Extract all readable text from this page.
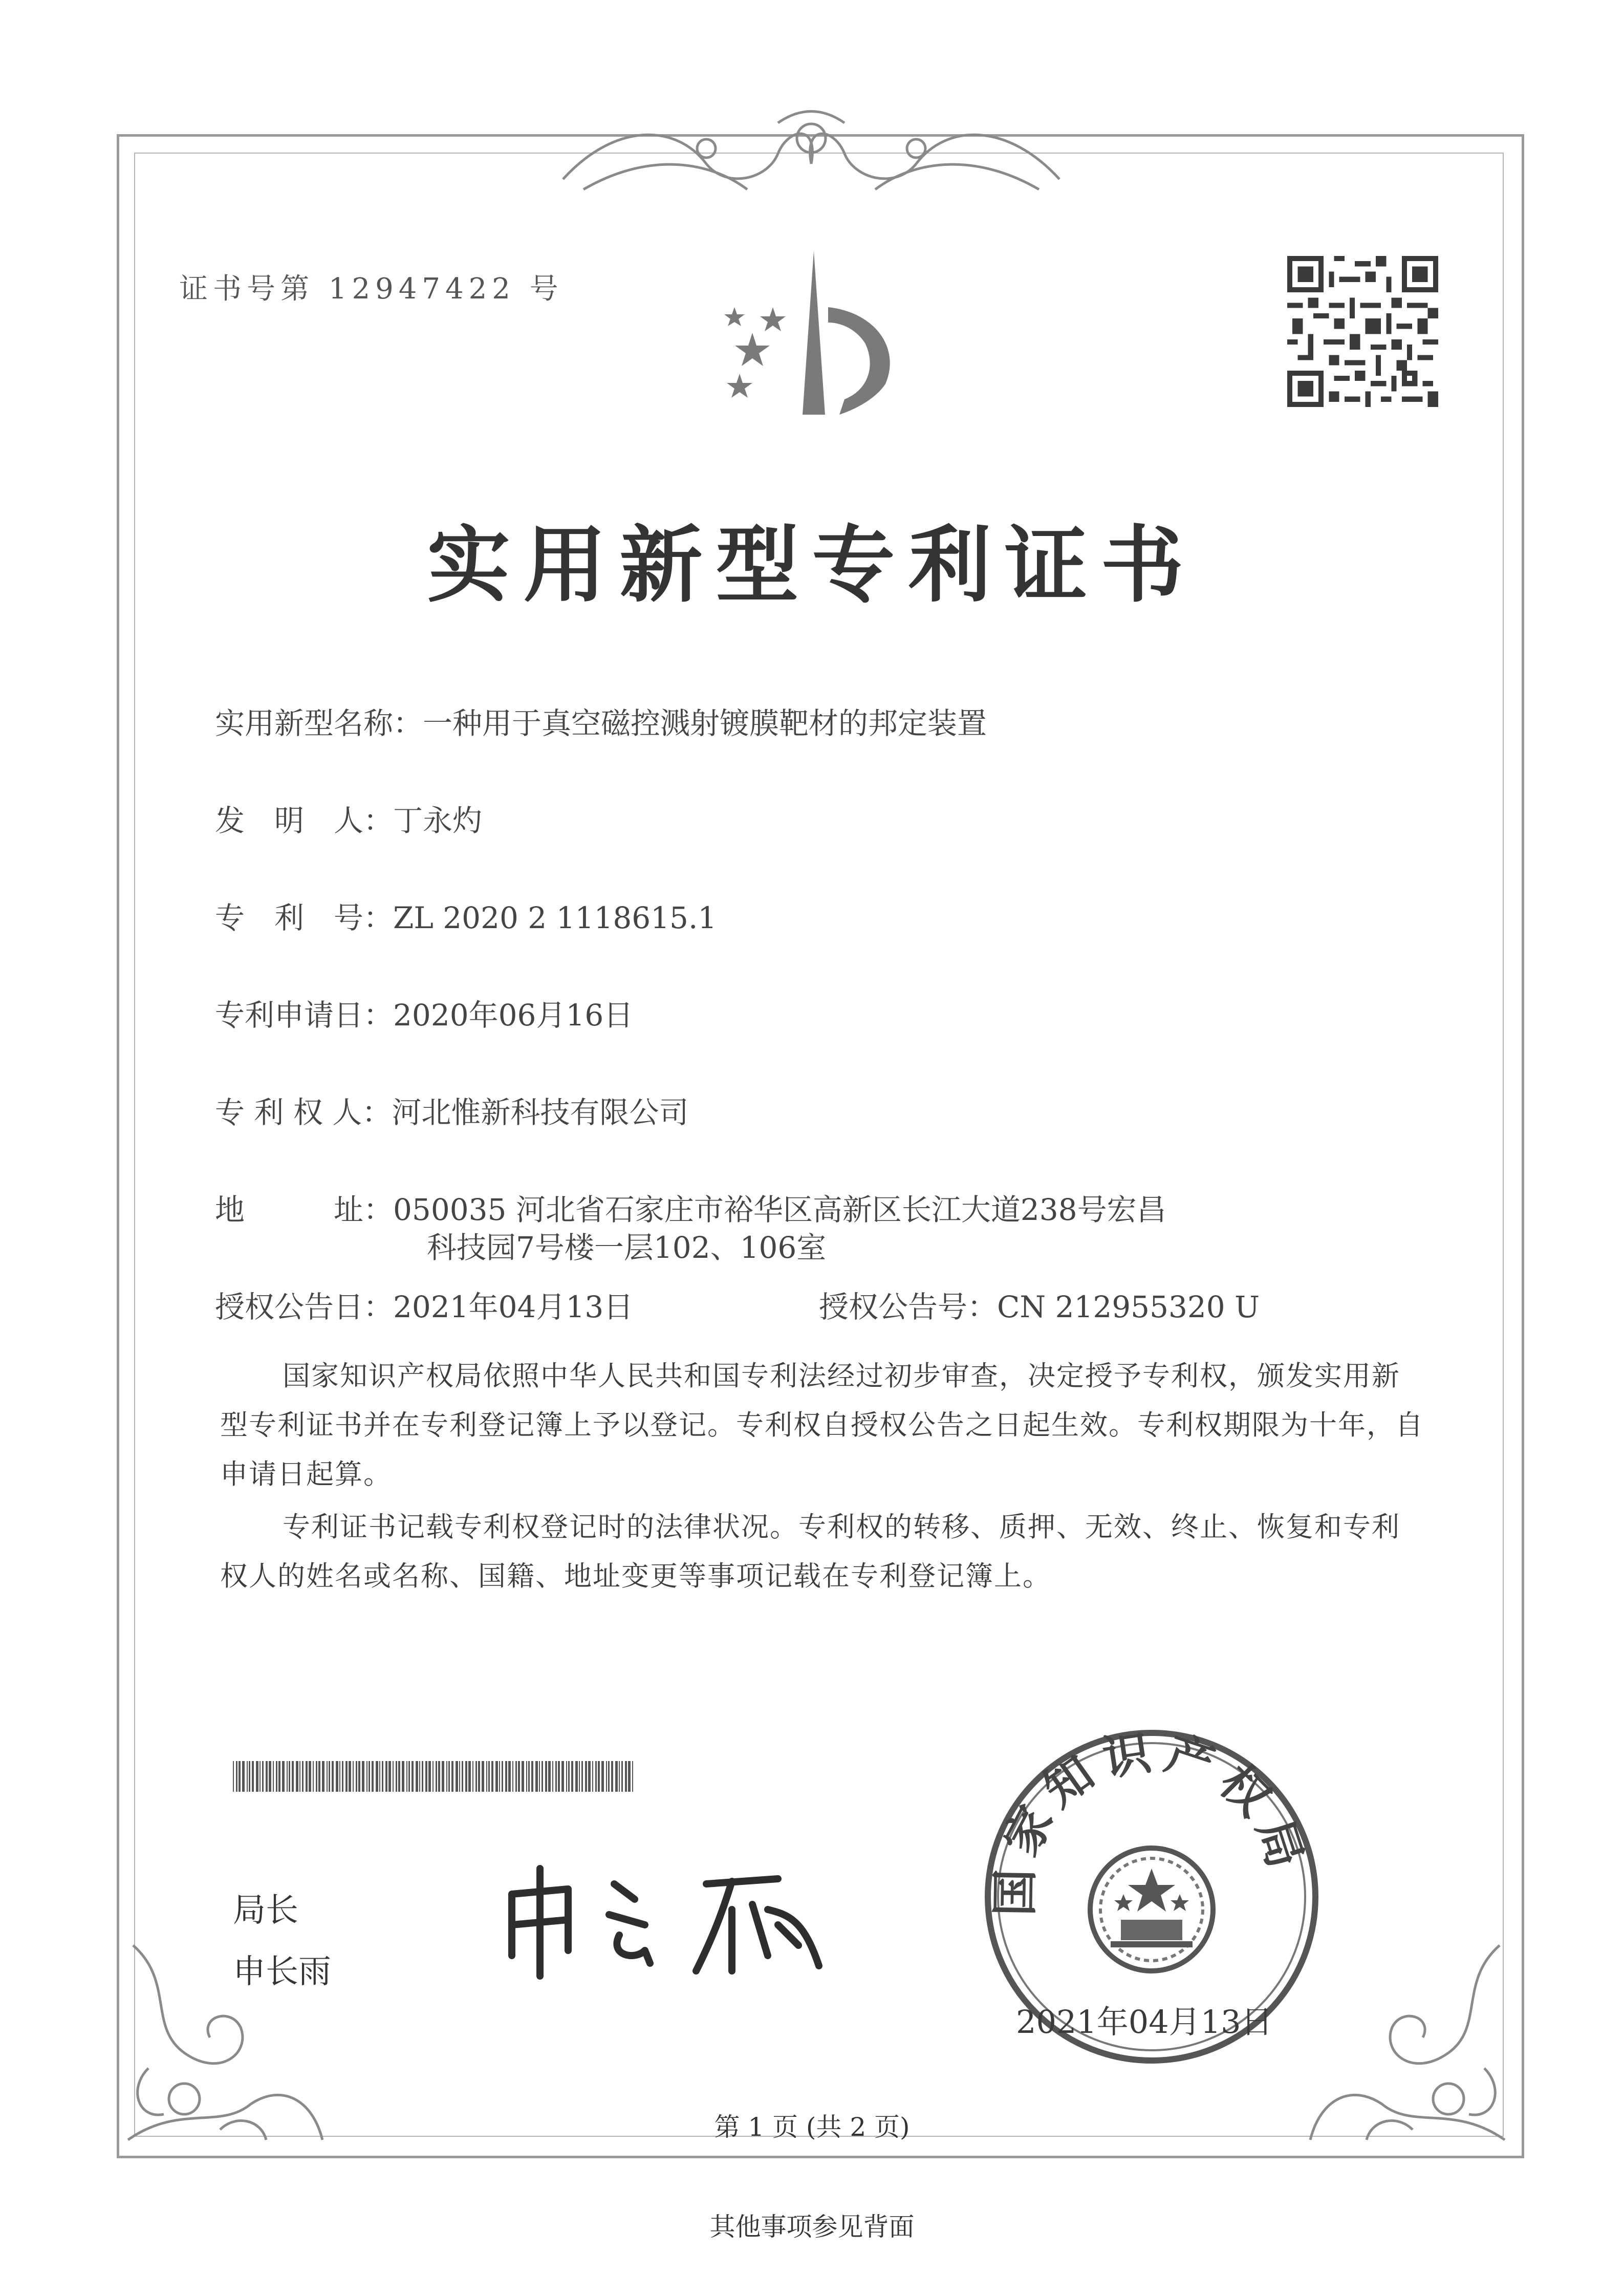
证书号第 12947422 号
实用新型专利证书
实用新型名称：一种用于真空磁控溅射镀膜靶材的邦定装置
发　明　人：丁永灼
专　利　号：ZL 2020 2 1118615.1
专利申请日：2020年06月16日
专 利 权 人：河北惟新科技有限公司
地　　　址：050035 河北省石家庄市裕华区高新区长江大道238号宏昌
科技园7号楼一层102、106室
授权公告日：2021年04月13日	授权公告号：CN 212955320 U
国家知识产权局依照中华人民共和国专利法经过初步审查，决定授予专利权，颁发实用新型专利证书并在专利登记簿上予以登记。专利权自授权公告之日起生效。专利权期限为十年，自申请日起算。
专利证书记载专利权登记时的法律状况。专利权的转移、质押、无效、终止、恢复和专利权人的姓名或名称、国籍、地址变更等事项记载在专利登记簿上。
局长
申长雨
国家知识产权局
2021年04月13日
第 1 页 (共 2 页)
其他事项参见背面
